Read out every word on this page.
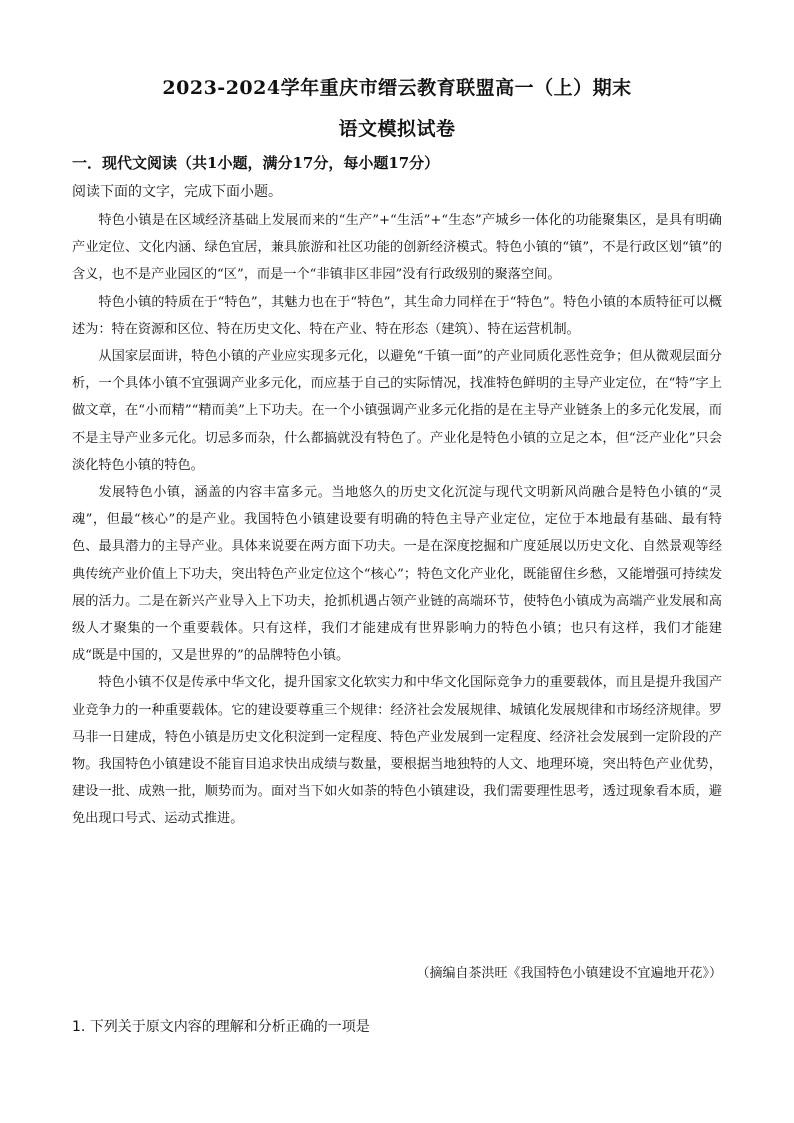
2023-2024学年重庆市缙云教育联盟高一（上）期末
语文模拟试卷
一．现代文阅读（共1小题，满分17分，每小题17分）
阅读下面的文字，完成下面小题。

特色小镇是在区域经济基础上发展而来的“生产”+“生活”+“生态”产城乡一体化的功能聚集区，是具有明确产业定位、文化内涵、绿色宜居，兼具旅游和社区功能的创新经济模式。特色小镇的“镇”，不是行政区划“镇”的含义，也不是产业园区的“区”，而是一个“非镇非区非园”没有行政级别的聚落空间。

特色小镇的特质在于“特色”，其魅力也在于“特色”，其生命力同样在于“特色”。特色小镇的本质特征可以概述为：特在资源和区位、特在历史文化、特在产业、特在形态（建筑）、特在运营机制。

从国家层面讲，特色小镇的产业应实现多元化，以避免“千镇一面”的产业同质化恶性竞争；但从微观层面分析，一个具体小镇不宜强调产业多元化，而应基于自己的实际情况，找准特色鲜明的主导产业定位，在“特”字上做文章，在“小而精”“精而美”上下功夫。在一个小镇强调产业多元化指的是在主导产业链条上的多元化发展，而不是主导产业多元化。切忌多而杂，什么都搞就没有特色了。产业化是特色小镇的立足之本，但“泛产业化”只会淡化特色小镇的特色。

发展特色小镇，涵盖的内容丰富多元。当地悠久的历史文化沉淀与现代文明新风尚融合是特色小镇的“灵魂”，但最“核心”的是产业。我国特色小镇建设要有明确的特色主导产业定位，定位于本地最有基础、最有特色、最具潜力的主导产业。具体来说要在两方面下功夫。一是在深度挖掘和广度延展以历史文化、自然景观等经典传统产业价值上下功夫，突出特色产业定位这个“核心”；特色文化产业化，既能留住乡愁，又能增强可持续发展的活力。二是在新兴产业导入上下功夫，抢抓机遇占领产业链的高端环节，使特色小镇成为高端产业发展和高级人才聚集的一个重要载体。只有这样，我们才能建成有世界影响力的特色小镇；也只有这样，我们才能建成“既是中国的，又是世界的”的品牌特色小镇。

特色小镇不仅是传承中华文化，提升国家文化软实力和中华文化国际竞争力的重要载体，而且是提升我国产业竞争力的一种重要载体。它的建设要尊重三个规律：经济社会发展规律、城镇化发展规律和市场经济规律。罗马非一日建成，特色小镇是历史文化积淀到一定程度、特色产业发展到一定程度、经济社会发展到一定阶段的产物。我国特色小镇建设不能盲目追求快出成绩与数量，要根据当地独特的人文、地理环境，突出特色产业优势，建设一批、成熟一批，顺势而为。面对当下如火如荼的特色小镇建设，我们需要理性思考，透过现象看本质，避免出现口号式、运动式推进。

（摘编自茶洪旺《我国特色小镇建设不宜遍地开花》）
1. 下列关于原文内容的理解和分析正确的一项是
